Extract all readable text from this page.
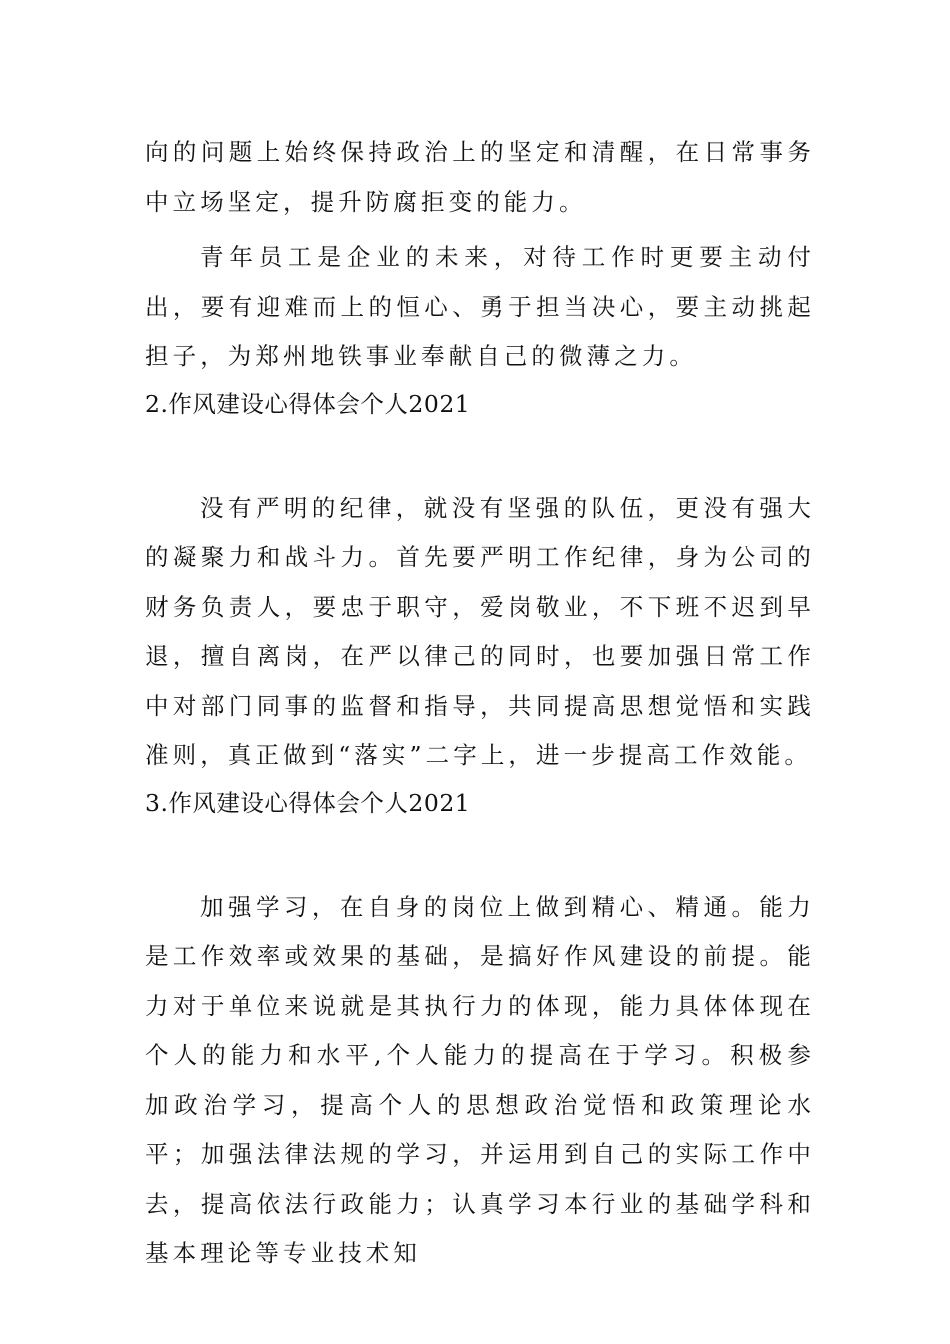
向的问题上始终保持政治上的坚定和清醒，在日常事务中立场坚定，提升防腐拒变的能力。

青年员工是企业的未来，对待工作时更要主动付出，要有迎难而上的恒心、勇于担当决心，要主动挑起担子，为郑州地铁事业奉献自己的微薄之力。

2.作风建设心得体会个人2021

没有严明的纪律，就没有坚强的队伍，更没有强大的凝聚力和战斗力。首先要严明工作纪律，身为公司的财务负责人，要忠于职守，爱岗敬业，不下班不迟到早退，擅自离岗，在严以律己的同时，也要加强日常工作中对部门同事的监督和指导，共同提高思想觉悟和实践准则，真正做到“落实”二字上，进一步提高工作效能。

3.作风建设心得体会个人2021

加强学习，在自身的岗位上做到精心、精通。能力是工作效率或效果的基础，是搞好作风建设的前提。能力对于单位来说就是其执行力的体现，能力具体体现在个人的能力和水平,个人能力的提高在于学习。积极参加政治学习，提高个人的思想政治觉悟和政策理论水平；加强法律法规的学习，并运用到自己的实际工作中去，提高依法行政能力；认真学习本行业的基础学科和基本理论等专业技术知
